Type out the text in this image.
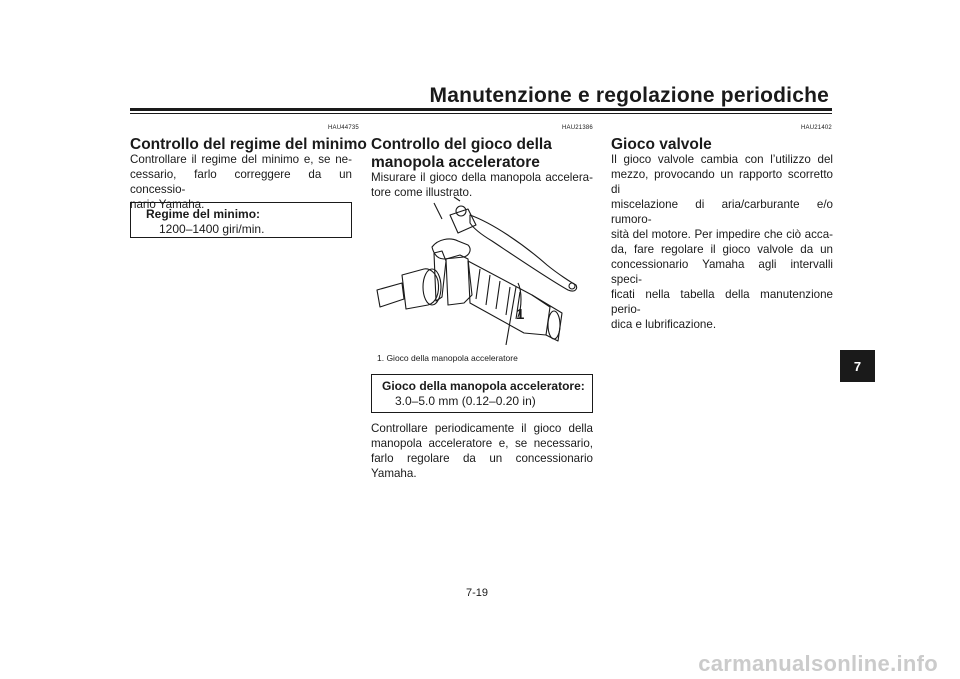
Manutenzione e regolazione periodiche
HAU44735
Controllo del regime del minimo
Controllare il regime del minimo e, se ne-
cessario, farlo correggere da un concessio-
nario Yamaha.
Regime del minimo:
1200–1400 giri/min.
HAU21386
Controllo del gioco della
manopola acceleratore
Misurare il gioco della manopola accelera-
tore come illustrato.
1
1. Gioco della manopola acceleratore
Gioco della manopola acceleratore:
3.0–5.0 mm (0.12–0.20 in)
Controllare periodicamente il gioco della
manopola acceleratore e, se necessario,
farlo regolare da un concessionario
Yamaha.
HAU21402
Gioco valvole
Il gioco valvole cambia con l’utilizzo del
mezzo, provocando un rapporto scorretto di
miscelazione di aria/carburante e/o rumoro-
sità del motore. Per impedire che ciò acca-
da, fare regolare il gioco valvole da un
concessionario Yamaha agli intervalli speci-
ficati nella tabella della manutenzione perio-
dica e lubrificazione.
7
7-19
carmanualsonline.info
